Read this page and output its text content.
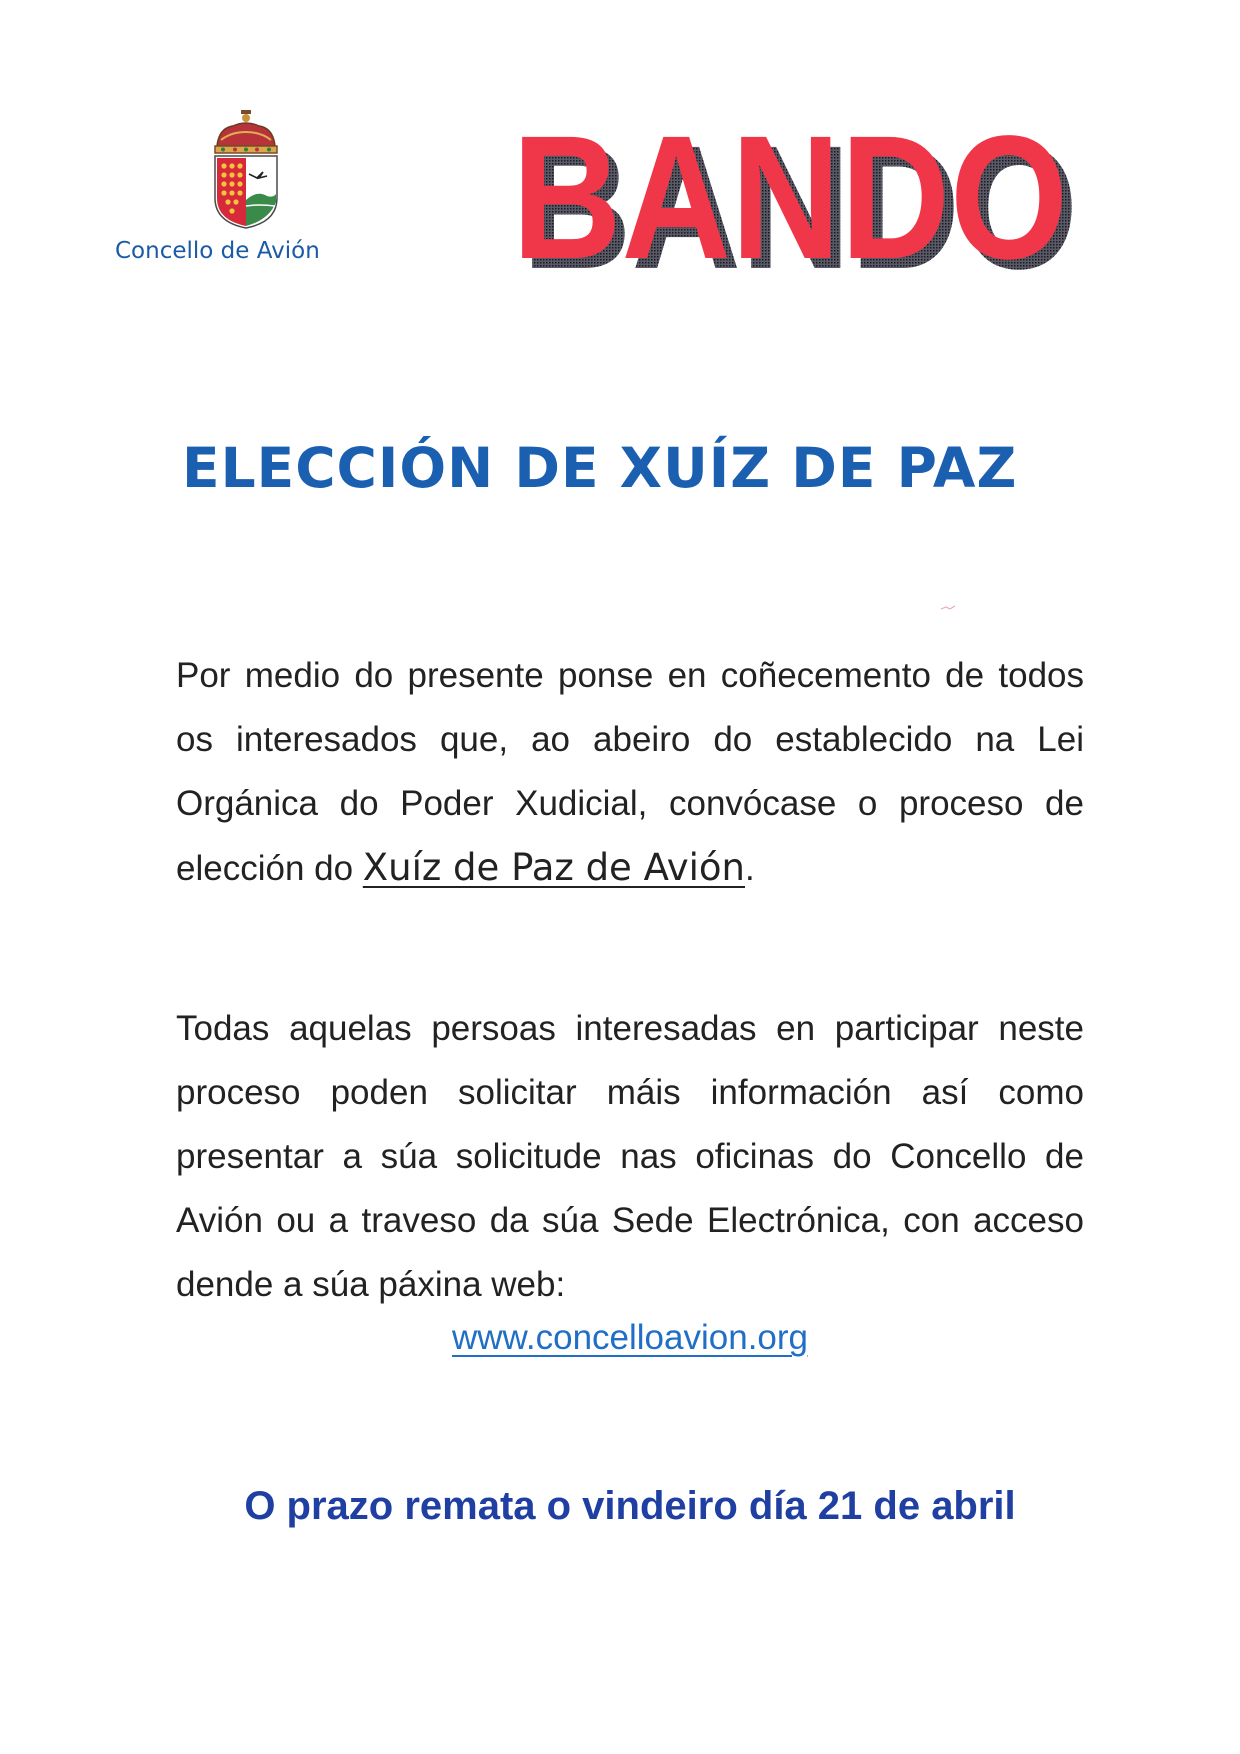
Concello de Avión BANDO
BANDO
ELECCIÓN DE XUÍZ DE PAZ

Por medio do presente ponse en coñecemento de todos os interesados que, ao abeiro do establecido na Lei Orgánica do Poder Xudicial, convócase o proceso de elección do Xuíz de Paz de Avión.

Todas aquelas persoas interesadas en participar neste proceso poden solicitar máis información así como presentar a súa solicitude nas oficinas do Concello de Avión ou a traveso da súa Sede Electrónica, con acceso dende a súa páxina web:

www.concelloavion.org
O prazo remata o vindeiro día 21 de abril
